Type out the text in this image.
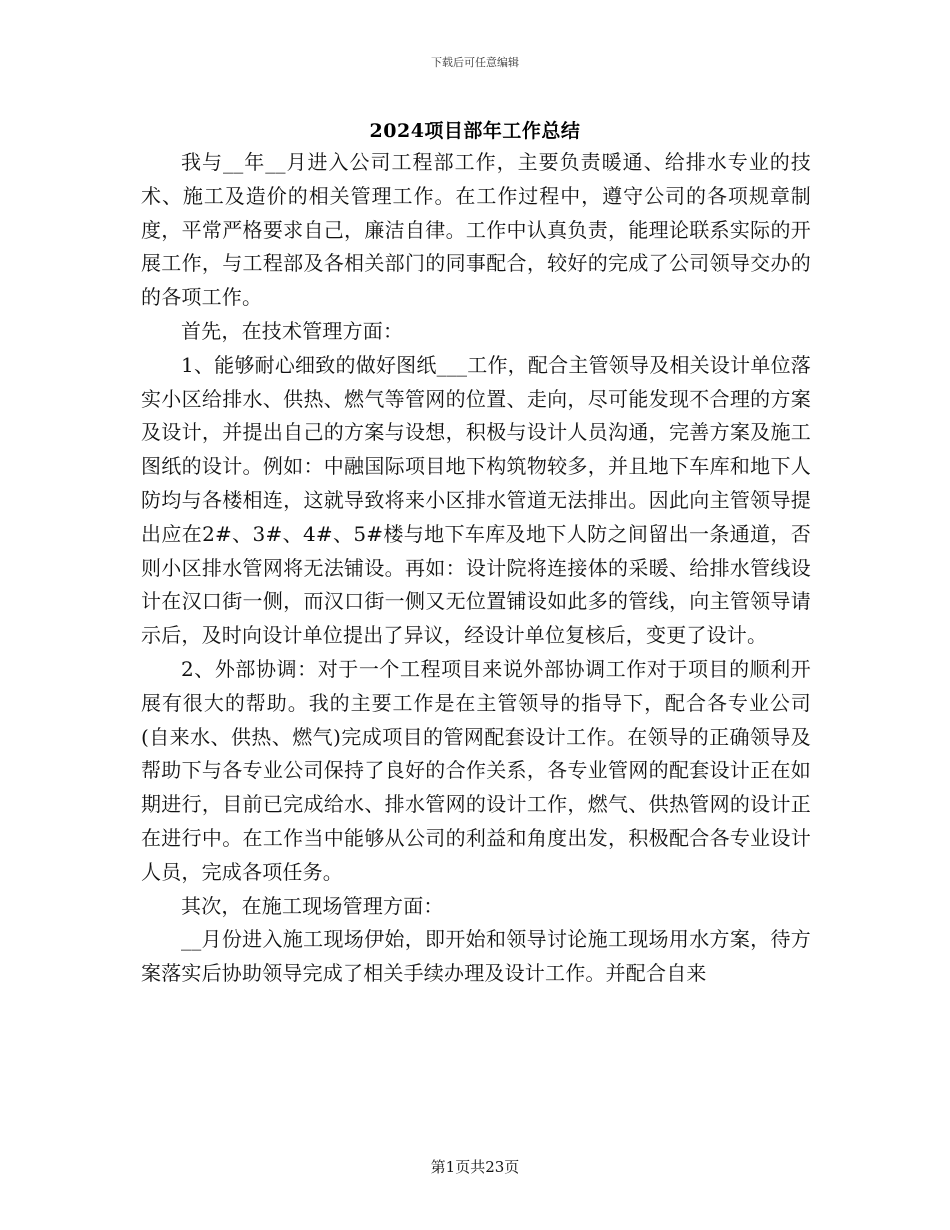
下载后可任意编辑
2024项目部年工作总结

我与__年__月进入公司工程部工作，主要负责暖通、给排水专业的技术、施工及造价的相关管理工作。在工作过程中，遵守公司的各项规章制度，平常严格要求自己，廉洁自律。工作中认真负责，能理论联系实际的开展工作，与工程部及各相关部门的同事配合，较好的完成了公司领导交办的的各项工作。

首先，在技术管理方面：

1、能够耐心细致的做好图纸___工作，配合主管领导及相关设计单位落实小区给排水、供热、燃气等管网的位置、走向，尽可能发现不合理的方案及设计，并提出自己的方案与设想，积极与设计人员沟通，完善方案及施工图纸的设计。例如：中融国际项目地下构筑物较多，并且地下车库和地下人防均与各楼相连，这就导致将来小区排水管道无法排出。因此向主管领导提出应在2#、3#、4#、5#楼与地下车库及地下人防之间留出一条通道，否则小区排水管网将无法铺设。再如：设计院将连接体的采暖、给排水管线设计在汉口街一侧，而汉口街一侧又无位置铺设如此多的管线，向主管领导请示后，及时向设计单位提出了异议，经设计单位复核后，变更了设计。

2、外部协调：对于一个工程项目来说外部协调工作对于项目的顺利开展有很大的帮助。我的主要工作是在主管领导的指导下，配合各专业公司(自来水、供热、燃气)完成项目的管网配套设计工作。在领导的正确领导及帮助下与各专业公司保持了良好的合作关系，各专业管网的配套设计正在如期进行，目前已完成给水、排水管网的设计工作，燃气、供热管网的设计正在进行中。在工作当中能够从公司的利益和角度出发，积极配合各专业设计人员，完成各项任务。

其次，在施工现场管理方面：

__月份进入施工现场伊始，即开始和领导讨论施工现场用水方案，待方案落实后协助领导完成了相关手续办理及设计工作。并配合自来

第1页共23页
